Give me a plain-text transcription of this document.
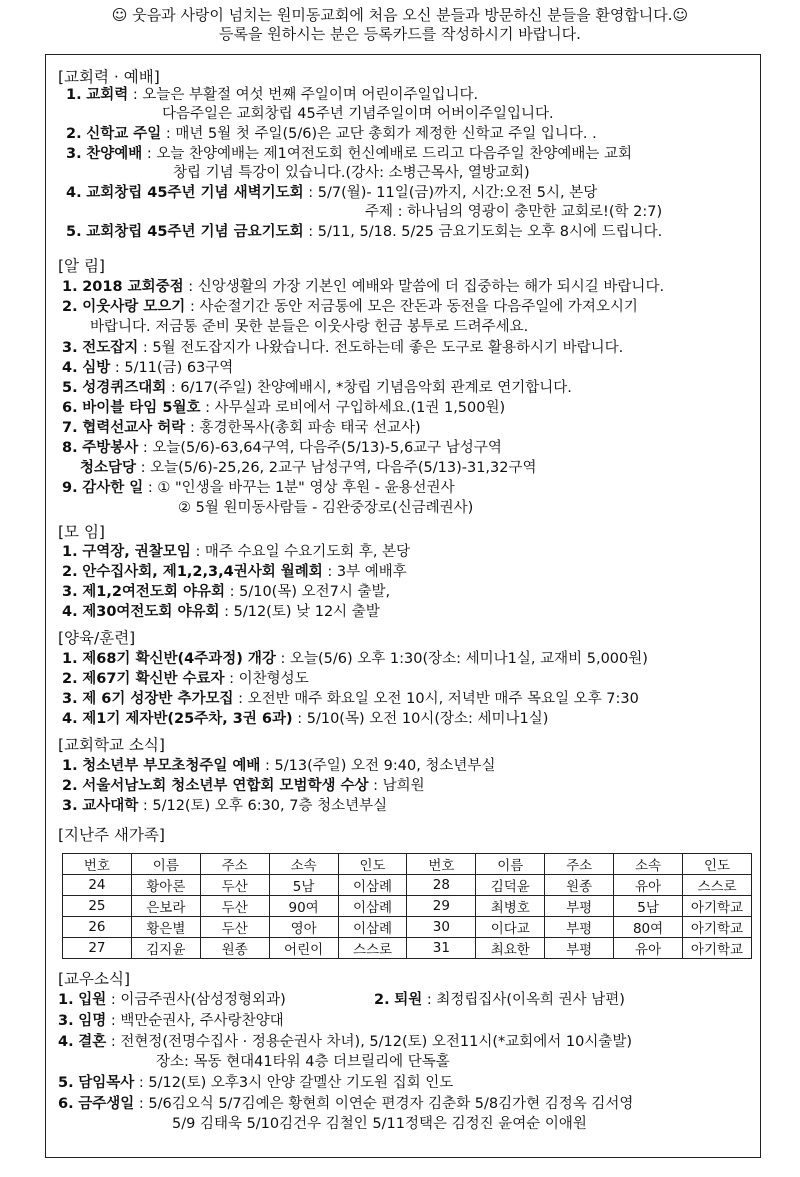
☺ 웃음과 사랑이 넘치는 원미동교회에 처음 오신 분들과 방문하신 분들을 환영합니다.☺
등록을 원하시는 분은 등록카드를 작성하시기 바랍니다.
[교회력 · 예배]
1. 교회력 : 오늘은 부활절 여섯 번째 주일이며 어린이주일입니다.
다음주일은 교회창립 45주년 기념주일이며 어버이주일입니다.
2. 신학교 주일 : 매년 5월 첫 주일(5/6)은 교단 총회가 제정한 신학교 주일 입니다. .
3. 찬양예배 : 오늘 찬양예배는 제1여전도회 헌신예배로 드리고 다음주일 찬양예배는 교회
창립 기념 특강이 있습니다.(강사: 소병근목사, 열방교회)
4. 교회창립 45주년 기념 새벽기도회 : 5/7(월)- 11일(금)까지, 시간:오전 5시, 본당
주제 : 하나님의 영광이 충만한 교회로!(학 2:7)
5. 교회창립 45주년 기념 금요기도회 : 5/11, 5/18. 5/25 금요기도회는 오후 8시에 드립니다.
[알 림]
1. 2018 교회중점 : 신앙생활의 가장 기본인 예배와 말씀에 더 집중하는 해가 되시길 바랍니다.
2. 이웃사랑 모으기 : 사순절기간 동안 저금통에 모은 잔돈과 동전을 다음주일에 가져오시기
바랍니다. 저금통 준비 못한 분들은 이웃사랑 헌금 봉투로 드려주세요.
3. 전도잡지 : 5월 전도잡지가 나왔습니다. 전도하는데 좋은 도구로 활용하시기 바랍니다.
4. 심방 : 5/11(금) 63구역
5. 성경퀴즈대회 : 6/17(주일) 찬양예배시, *창립 기념음악회 관계로 연기합니다.
6. 바이블 타임 5월호 : 사무실과 로비에서 구입하세요.(1권 1,500원)
7. 협력선교사 허락 : 홍경한목사(총회 파송 태국 선교사)
8. 주방봉사 : 오늘(5/6)-63,64구역, 다음주(5/13)-5,6교구 남성구역
청소담당 : 오늘(5/6)-25,26, 2교구 남성구역, 다음주(5/13)-31,32구역
9. 감사한 일 : ① "인생을 바꾸는 1분" 영상 후원 - 윤용선권사
② 5월 원미동사람들 - 김완중장로(신금례권사)
[모 임]
1. 구역장, 권찰모임 : 매주 수요일 수요기도회 후, 본당
2. 안수집사회, 제1,2,3,4권사회 월례회 : 3부 예배후
3. 제1,2여전도회 야유회 : 5/10(목) 오전7시 출발,
4. 제30여전도회 야유회 : 5/12(토) 낮 12시 출발
[양육/훈련]
1. 제68기 확신반(4주과정) 개강 : 오늘(5/6) 오후 1:30(장소: 세미나1실, 교재비 5,000원)
2. 제67기 확신반 수료자 : 이찬형성도
3. 제 6기 성장반 추가모집 : 오전반 매주 화요일 오전 10시, 저녁반 매주 목요일 오후 7:30
4. 제1기 제자반(25주차, 3권 6과) : 5/10(목) 오전 10시(장소: 세미나1실)
[교회학교 소식]
1. 청소년부 부모초청주일 예배 : 5/13(주일) 오전 9:40, 청소년부실
2. 서울서남노회 청소년부 연합회 모범학생 수상 : 남희원
3. 교사대학 : 5/12(토) 오후 6:30, 7층 청소년부실
[지난주 새가족]
번호	이름	주소	소속	인도	번호	이름	주소	소속	인도
24	황아론	두산	5남	이삼례	28	김덕윤	원종	유아	스스로
25	은보라	두산	90여	이삼례	29	최병호	부평	5남	아기학교
26	황은별	두산	영아	이삼례	30	이다교	부평	80여	아기학교
27	김지윤	원종	어린이	스스로	31	최요한	부평	유아	아기학교
[교우소식]
1. 입원 : 이금주권사(삼성정형외과)	2. 퇴원 : 최정립집사(이옥희 권사 남편)
3. 임명 : 백만순권사, 주사랑찬양대
4. 결혼 : 전현정(전명수집사 · 정용순권사 차녀), 5/12(토) 오전11시(*교회에서 10시출발)
장소: 목동 현대41타워 4층 더브릴리에 단독홀
5. 담임목사 : 5/12(토) 오후3시 안양 갈멜산 기도원 집회 인도
6. 금주생일 : 5/6김오식 5/7김예은 황현희 이연순 편경자 김춘화 5/8김가현 김정옥 김서영
5/9 김태욱 5/10김건우 김철인 5/11정택은 김정진 윤여순 이애원
